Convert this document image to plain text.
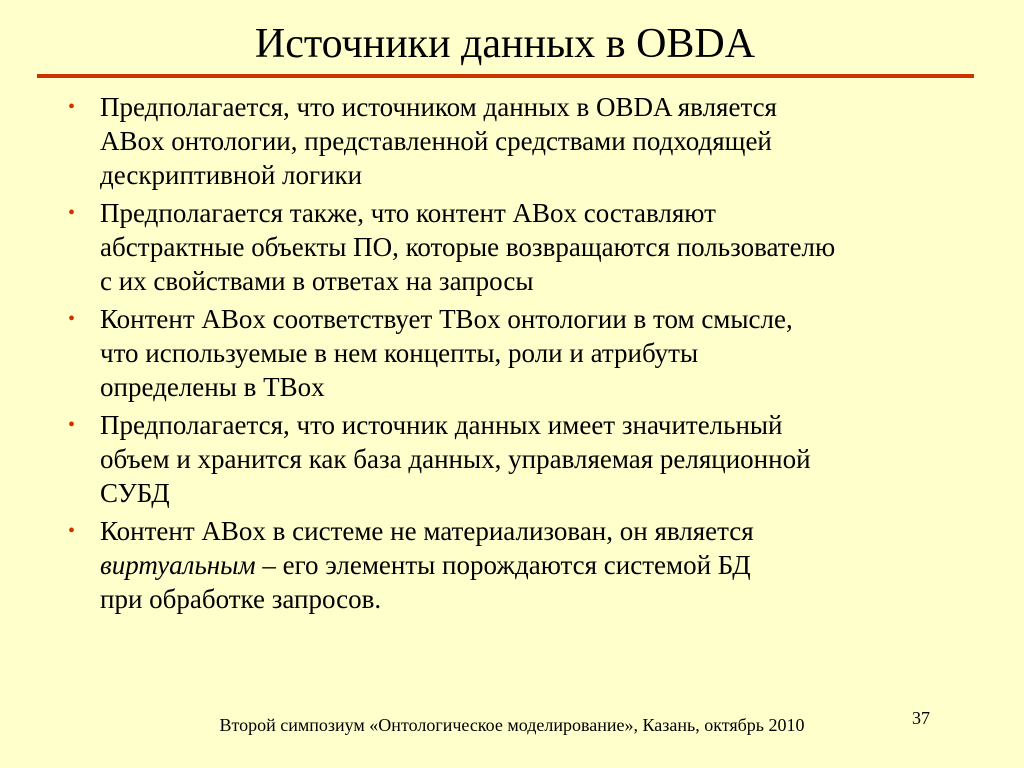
Источники данных в OBDA
• Предполагается, что источником данных в OBDA является
ABox онтологии, представленной средствами подходящей
дескриптивной логики
• Предполагается также, что контент ABox составляют
абстрактные объекты ПО, которые возвращаются пользователю
с их свойствами в ответах на запросы
• Контент ABox соответствует TBox онтологии в том смысле,
что используемые в нем концепты, роли и атрибуты
определены в TBox
• Предполагается, что источник данных имеет значительный
объем и хранится как база данных, управляемая реляционной
СУБД
• Контент ABox в системе не материализован, он является
виртуальным – его элементы порождаются системой БД
при обработке запросов.
Второй симпозиум «Онтологическое моделирование», Казань, октябрь 2010	37
